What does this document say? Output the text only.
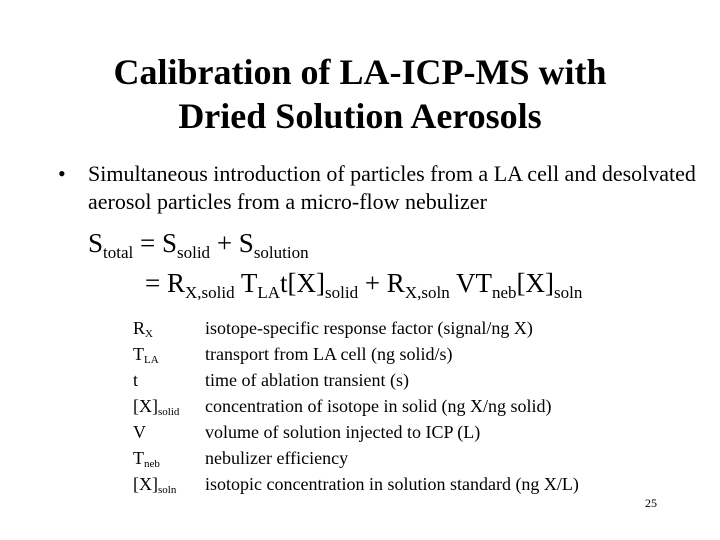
Calibration of LA-ICP-MS with
Dried Solution Aerosols
• Simultaneous introduction of particles from a LA cell and desolvated aerosol particles from a micro-flow nebulizer
$S_{total} = S_{solid} + S_{solution}$
= $R_{X,solid}$ $T_{LA}t[X]_{solid} + R_{X,soln}$ $VT_{neb}[X]_{soln}$
$R_X$	isotope-specific response factor (signal/ng X)
$T_{LA}$	transport from LA cell (ng solid/s)
t	time of ablation transient (s)
$[X]_{solid}$ concentration of isotope in solid (ng X/ng solid)
V	volume of solution injected to ICP (L)
$T_{neb}$	nebulizer efficiency
$[X]_{soln}$ isotopic concentration in solution standard (ng X/L)
25
